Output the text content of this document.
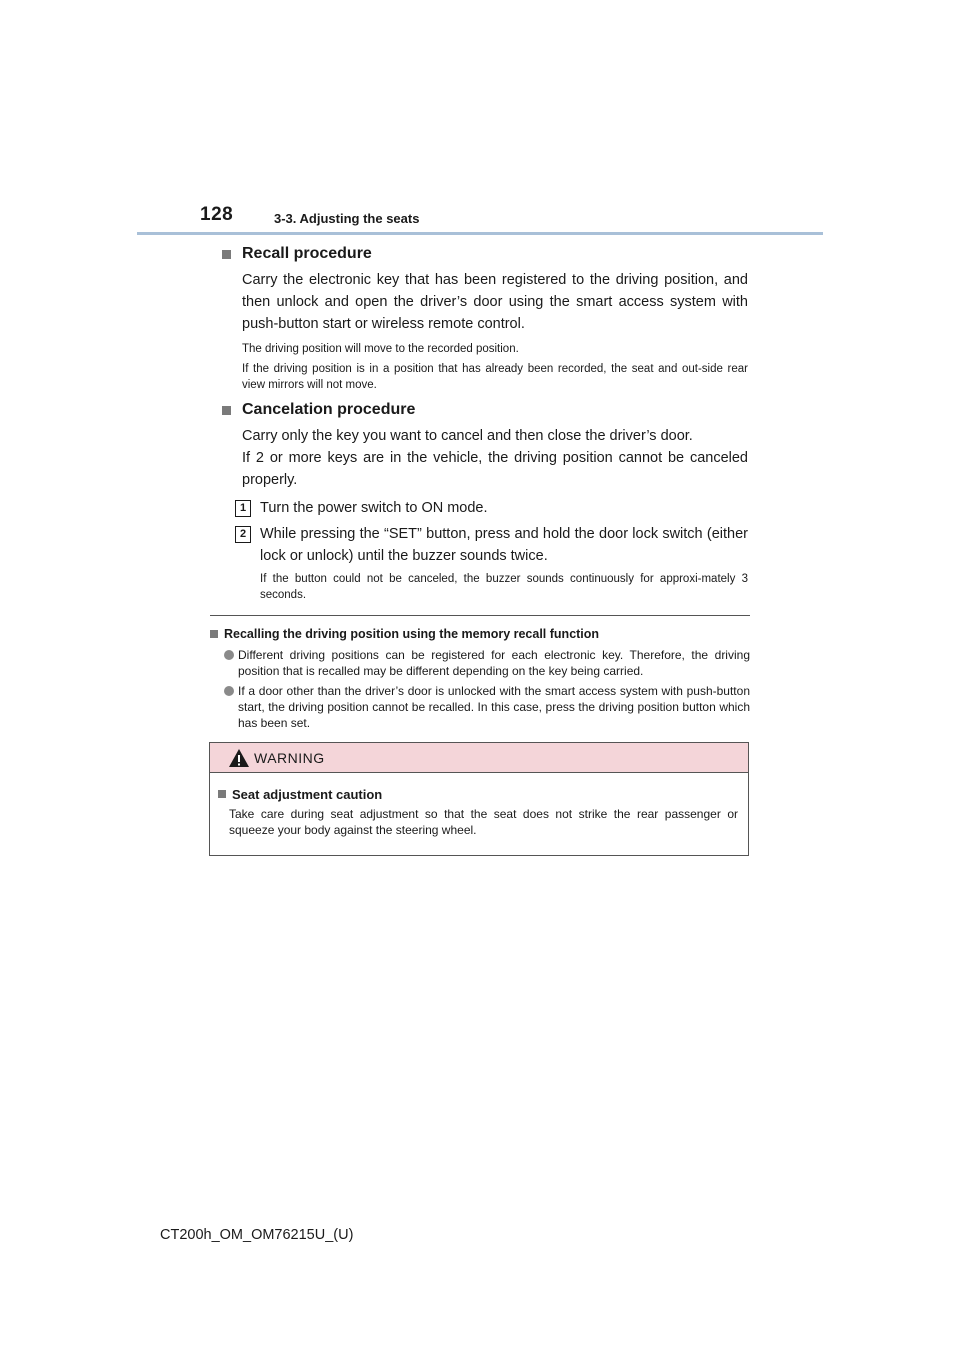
128	3-3. Adjusting the seats
Recall procedure

Carry the electronic key that has been registered to the driving position, and then unlock and open the driver’s door using the smart access system with push-button start or wireless remote control.

The driving position will move to the recorded position.

If the driving position is in a position that has already been recorded, the seat and out-side rear view mirrors will not move.

Cancelation procedure

Carry only the key you want to cancel and then close the driver’s door.

If 2 or more keys are in the vehicle, the driving position cannot be canceled properly.

1 Turn the power switch to ON mode.
2 While pressing the “SET” button, press and hold the door lock switch (either lock or unlock) until the buzzer sounds twice.

If the button could not be canceled, the buzzer sounds continuously for approxi-mately 3 seconds.

Recalling the driving position using the memory recall function
Different driving positions can be registered for each electronic key. Therefore, the driving position that is recalled may be different depending on the key being carried.
If a door other than the driver’s door is unlocked with the smart access system with push-button start, the driving position cannot be recalled. In this case, press the driving position button which has been set.
WARNING
Seat adjustment caution

Take care during seat adjustment so that the seat does not strike the rear passenger or squeeze your body against the steering wheel.

CT200h_OM_OM76215U_(U)
